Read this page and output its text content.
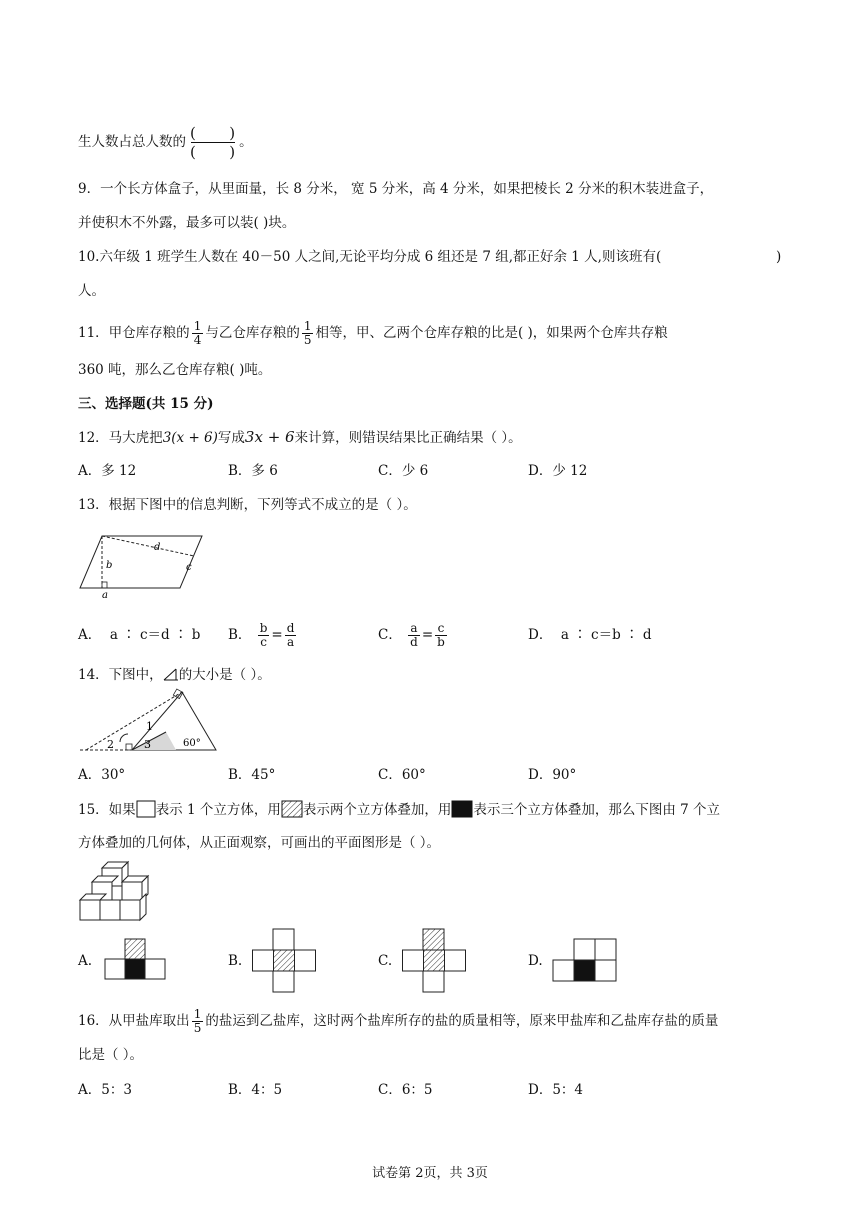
生人数占总人数的 $\frac{( )}{( )}$ 。
9．一个长方体盒子，从里面量，长 8 分米， 宽 5 分米，高 4 分米，如果把棱长 2 分米的积木装进盒子，
并使积木不外露，最多可以装( )块。
10.六年级 1 班学生人数在 40－50 人之间,无论平均分成 6 组还是 7 组,都正好余 1 人,则该班有(	)
人。
11．甲仓库存粮的 $\frac{1}{4}$ 与乙仓库存粮的 $\frac{1}{5}$ 相等，甲、乙两个仓库存粮的比是( )，如果两个仓库共存粮
360 吨，那么乙仓库存粮( )吨。
三、选择题(共 15 分)
12．马大虎把3(x + 6)写成3x + 6来计算，则错误结果比正确结果（ ）。
A．多 12	B．多 6	C．少 6	D．少 12
13．根据下图中的信息判断，下列等式不成立的是（ ）。
d
b	c
a
A． a ∶ c＝d ∶ b B． $\frac{b}{c} = \frac{d}{a}$	C． $\frac{a}{d} = \frac{c}{b}$	D． a ∶ c＝b ∶ d
14．下图中， 的大小是（ ）。
1
2	3	60°
A．30°	B．45°	C．60°	D．90°
15．如果 表示 1 个立方体，用 表示两个立方体叠加，用 表示三个立方体叠加，那么下图由 7 个立
方体叠加的几何体，从正面观察，可画出的平面图形是（ ）。
A.	B.	C.	D.
16．从甲盐库取出 $\frac{1}{5}$ 的盐运到乙盐库，这时两个盐库所存的盐的质量相等，原来甲盐库和乙盐库存盐的质量
比是（ ）。
A．5：3	B．4：5	C．6：5	D．5：4
试卷第 2页，共 3页
